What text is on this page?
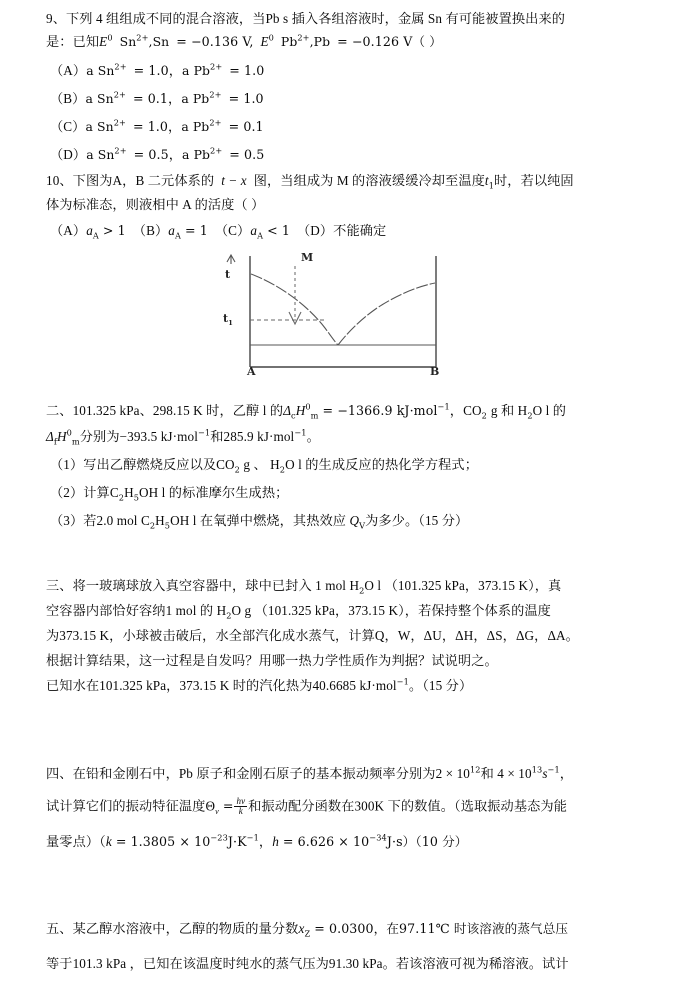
9、下列 4 组组成不同的混合溶液，当Pb s 插入各组溶液时，金属 Sn 有可能被置换出来的
是：已知$E^0$ $Sn^{2+},Sn = -0.136$ V, $E^0$ $Pb^{2+},Pb = -0.126$ V（ ）
（A）a $Sn^{2+} = 1.0$，a $Pb^{2+} = 1.0$
（B）a $Sn^{2+} = 0.1$，a $Pb^{2+} = 1.0$
（C）a $Sn^{2+} = 1.0$，a $Pb^{2+} = 0.1$
（D）a $Sn^{2+} = 0.5$，a $Pb^{2+} = 0.5$
10、下图为A，B 二元体系的 t − x 图，当组成为 M 的溶液缓缓冷却至温度$t_1$时，若以纯固
体为标准态，则液相中 A 的活度（ ）
$(A)a_A > 1$ $(B)a_A = 1$ $(C)a_A < 1$ （D）不能确定
t
$t_1$
M
A	B
二、101.325 kPa、298.15 K 时，乙醇 l 的$\Delta_cH^0_m = -1366.9$ kJ·mol$^{-1}$，$CO_2$ g 和 $H_2O$ l 的
$\Delta_fH^0_m$分别为−393.5 kJ·mol$^{-1}$和285.9 kJ·mol$^{-1}$。
（1）写出乙醇燃烧反应以及$CO_2$ g 、 $H_2O$ l 的生成反应的热化学方程式；
（2）计算$C_2H_5OH$ l 的标准摩尔生成热；
（3）若2.0 mol $C_2H_5OH$ l 在氧弹中燃烧，其热效应 $Q_V$为多少。（15 分）
三、将一玻璃球放入真空容器中，球中已封入 1 mol $H_2O$ l （101.325 kPa，373.15 K），真
空容器内部恰好容纳1 mol 的 $H_2O$ g （101.325 kPa，373.15 K），若保持整个体系的温度
为373.15 K，小球被击破后，水全部汽化成水蒸气，计算Q，W，ΔU，ΔH，ΔS，ΔG，ΔA。
根据计算结果，这一过程是自发吗？用哪一热力学性质作为判据？试说明之。
已知水在101.325 kPa，373.15 K 时的汽化热为40.6685 kJ·mol$^{-1}$。（15 分）
四、在铅和金刚石中，Pb 原子和金刚石原子的基本振动频率分别为$2 \times 10^{12}$和 $4 \times 10^{13}s^{-1}$，
试计算它们的振动特征温度$\Theta_v = \frac{h\nu}{k}$ 和振动配分函数在300K 下的数值。（选取振动基态为能
量零点）（$k = 1.3805 \times 10^{-23}J\cdot K^{-1}$，$h = 6.626 \times 10^{-34}J\cdot s)(10$ 分）
五、某乙醇水溶液中，乙醇的物质的量分数$x_Z = 0.0300$，在97.11℃ 时该溶液的蒸气总压
等于101.3 kPa ，已知在该温度时纯水的蒸气压为91.30 kPa。若该溶液可视为稀溶液。试计
